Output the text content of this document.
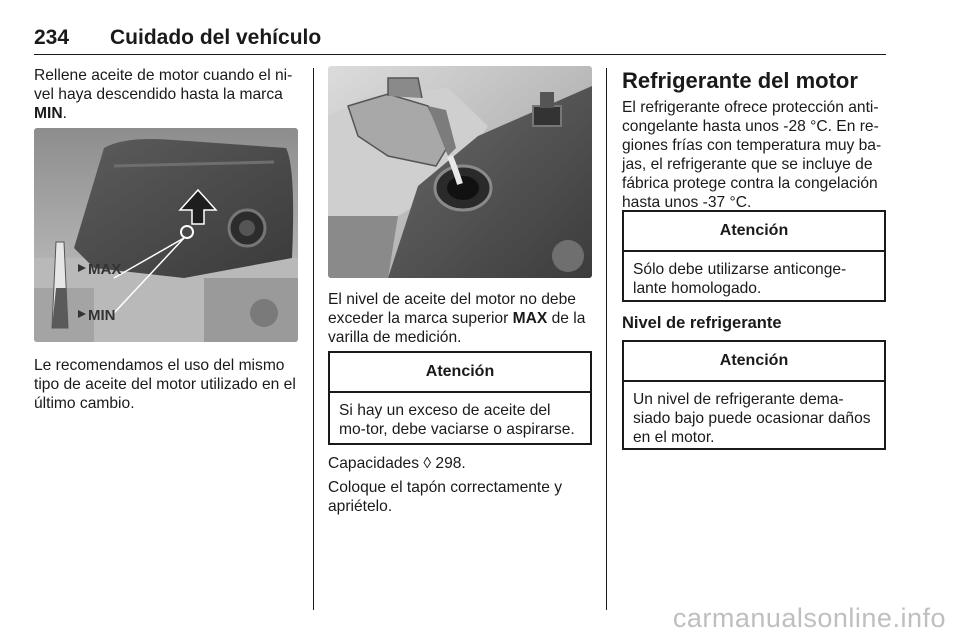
234 Cuidado del vehículo

Rellene aceite de motor cuando el ni-vel haya descendido hasta la marca MIN.

MAX
MIN

Le recomendamos el uso del mismo tipo de aceite del motor utilizado en el último cambio.

El nivel de aceite del motor no debe exceder la marca superior MAX de la varilla de medición.

Atención
Si hay un exceso de aceite del mo-tor, debe vaciarse o aspirarse.

Capacidades ◊ 298.

Coloque el tapón correctamente y apriételo.

Refrigerante del motor

El refrigerante ofrece protección anti-congelante hasta unos -28 °C. En re-giones frías con temperatura muy ba-jas, el refrigerante que se incluye de fábrica protege contra la congelación hasta unos -37 °C.

Atención
Sólo debe utilizarse anticonge-lante homologado.
Nivel de refrigerante
Atención
Un nivel de refrigerante dema-siado bajo puede ocasionar daños en el motor.
carmanualsonline.info
